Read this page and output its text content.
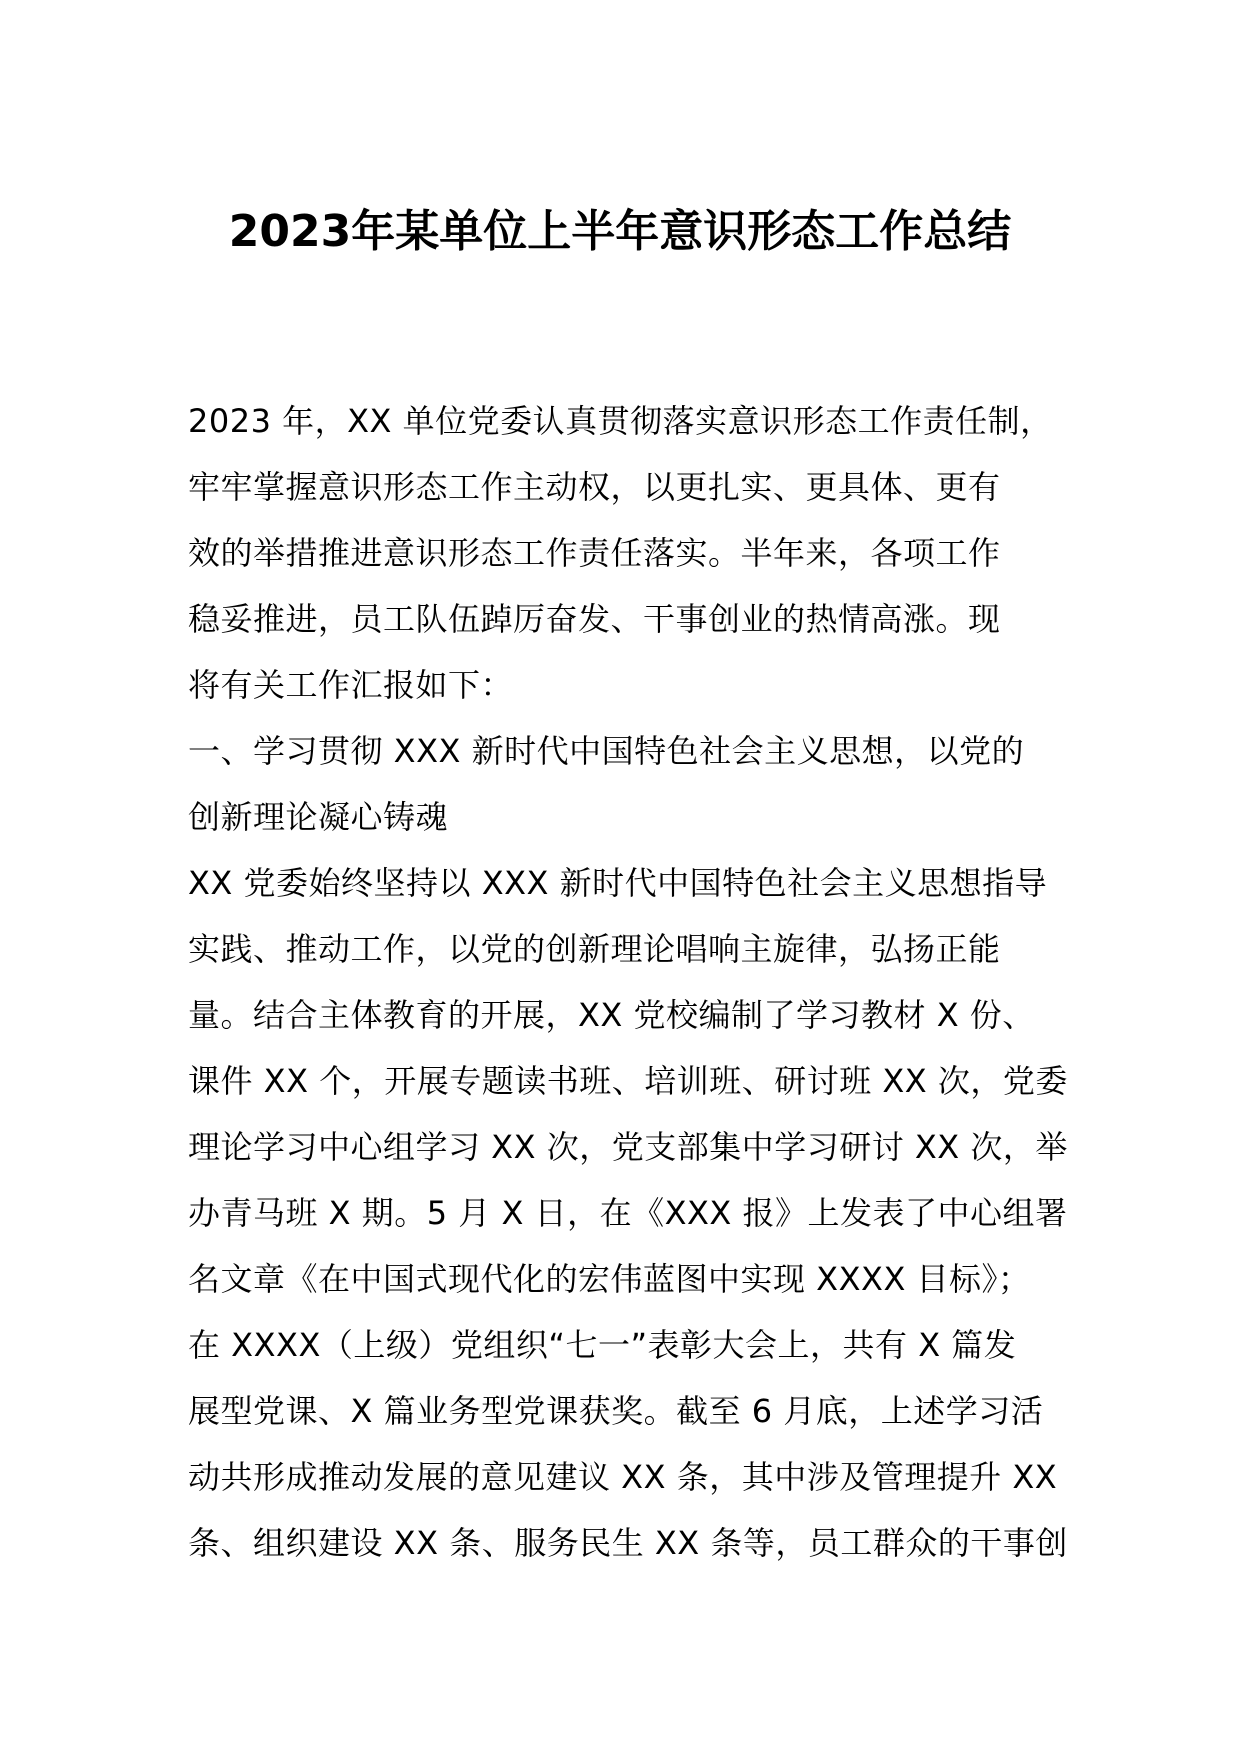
2023年某单位上半年意识形态工作总结
2023 年，XX 单位党委认真贯彻落实意识形态工作责任制，
牢牢掌握意识形态工作主动权，以更扎实、更具体、更有
效的举措推进意识形态工作责任落实。半年来，各项工作
稳妥推进，员工队伍踔厉奋发、干事创业的热情高涨。现
将有关工作汇报如下：
一、学习贯彻 XXX 新时代中国特色社会主义思想，以党的
创新理论凝心铸魂
XX 党委始终坚持以 XXX 新时代中国特色社会主义思想指导
实践、推动工作，以党的创新理论唱响主旋律，弘扬正能
量。结合主体教育的开展，XX 党校编制了学习教材 X 份、
课件 XX 个，开展专题读书班、培训班、研讨班 XX 次，党委
理论学习中心组学习 XX 次，党支部集中学习研讨 XX 次，举
办青马班 X 期。5 月 X 日，在《XXX 报》上发表了中心组署
名文章《在中国式现代化的宏伟蓝图中实现 XXXX 目标》；
在 XXXX（上级）党组织“七一”表彰大会上，共有 X 篇发
展型党课、X 篇业务型党课获奖。截至 6 月底，上述学习活
动共形成推动发展的意见建议 XX 条，其中涉及管理提升 XX
条、组织建设 XX 条、服务民生 XX 条等，员工群众的干事创
